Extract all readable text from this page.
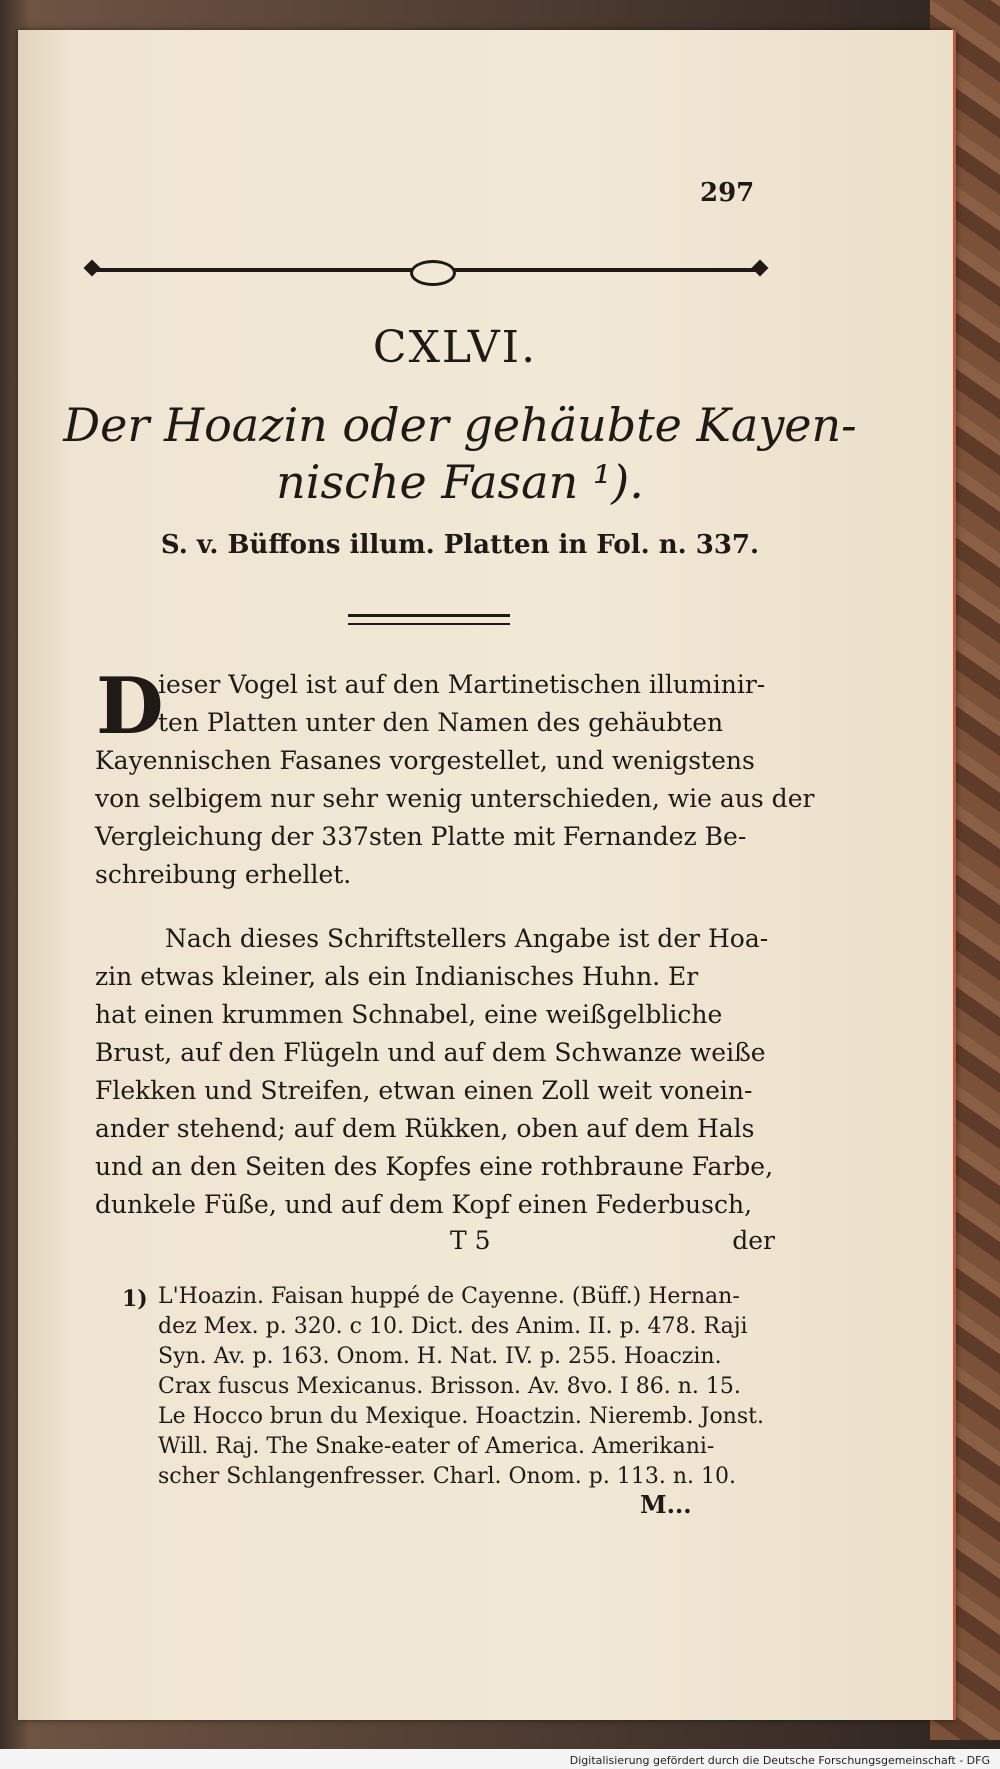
297
CXLVI.
Der Hoazin oder gehäubte Kayen-
nische Fasan ¹).
S. v. Büffons illum. Platten in Fol. n. 337.
D
ieser Vogel ist auf den Martinetischen illuminir-
ten Platten unter den Namen des gehäubten
Kayennischen Fasanes vorgestellet, und wenigstens
von selbigem nur sehr wenig unterschieden, wie aus der
Vergleichung der 337sten Platte mit Fernandez Be-
schreibung erhellet.
Nach dieses Schriftstellers Angabe ist der Hoa-
zin etwas kleiner, als ein Indianisches Huhn. Er
hat einen krummen Schnabel, eine weißgelbliche
Brust, auf den Flügeln und auf dem Schwanze weiße
Flekken und Streifen, etwan einen Zoll weit vonein-
ander stehend; auf dem Rükken, oben auf dem Hals
und an den Seiten des Kopfes eine rothbraune Farbe,
dunkele Füße, und auf dem Kopf einen Federbusch,
T 5	der
1) L'Hoazin. Faisan huppé de Cayenne. (Büff.) Hernan-
dez Mex. p. 320. c 10. Dict. des Anim. II. p. 478. Raji
Syn. Av. p. 163. Onom. H. Nat. IV. p. 255. Hoaczin.
Crax fuscus Mexicanus. Brisson. Av. 8vo. I 86. n. 15.
Le Hocco brun du Mexique. Hoactzin. Nieremb. Jonst.
Will. Raj. The Snake-eater of America. Amerikani-
scher Schlangenfresser. Charl. Onom. p. 113. n. 10.
M...
Digitalisierung gefördert durch die Deutsche Forschungsgemeinschaft - DFG
